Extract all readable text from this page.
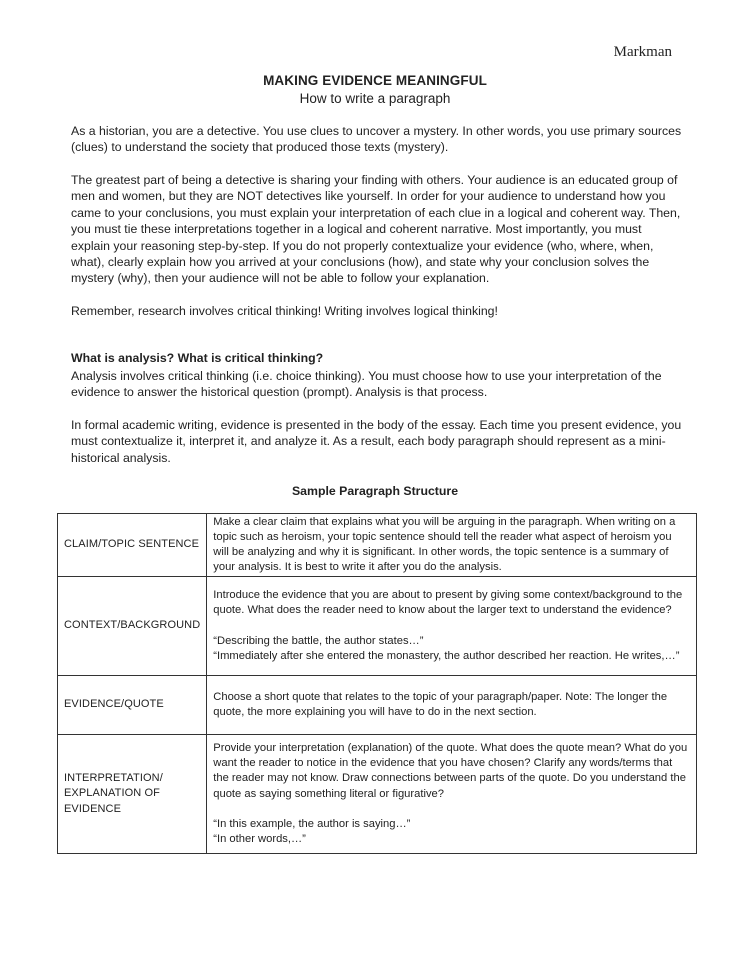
Markman
MAKING EVIDENCE MEANINGFUL
How to write a paragraph

As a historian, you are a detective. You use clues to uncover a mystery. In other words, you use primary sources (clues) to understand the society that produced those texts (mystery).

The greatest part of being a detective is sharing your finding with others. Your audience is an educated group of men and women, but they are NOT detectives like yourself. In order for your audience to understand how you came to your conclusions, you must explain your interpretation of each clue in a logical and coherent way. Then, you must tie these interpretations together in a logical and coherent narrative. Most importantly, you must explain your reasoning step-by-step. If you do not properly contextualize your evidence (who, where, when, what), clearly explain how you arrived at your conclusions (how), and state why your conclusion solves the mystery (why), then your audience will not be able to follow your explanation.

Remember, research involves critical thinking! Writing involves logical thinking!

What is analysis? What is critical thinking?

Analysis involves critical thinking (i.e. choice thinking). You must choose how to use your interpretation of the evidence to answer the historical question (prompt). Analysis is that process.

In formal academic writing, evidence is presented in the body of the essay. Each time you present evidence, you must contextualize it, interpret it, and analyze it. As a result, each body paragraph should represent as a mini-historical analysis.

Sample Paragraph Structure
CLAIM/TOPIC SENTENCE	Make a clear claim that explains what you will be arguing in the paragraph. When writing on a topic such as heroism, your topic sentence should tell the reader what aspect of heroism you will be analyzing and why it is significant. In other words, the topic sentence is a summary of your analysis. It is best to write it after you do the analysis.

CONTEXT/BACKGROUND	Introduce the evidence that you are about to present by giving some context/background to the quote. What does the reader need to know about the larger text to understand the evidence?
“Describing the battle, the author states…”
“Immediately after she entered the monastery, the author described her reaction. He writes,…”

EVIDENCE/QUOTE	Choose a short quote that relates to the topic of your paragraph/paper. Note: The longer the quote, the more explaining you will have to do in the next section.

INTERPRETATION/ EXPLANATION OF EVIDENCE	Provide your interpretation (explanation) of the quote. What does the quote mean? What do you want the reader to notice in the evidence that you have chosen? Clarify any words/terms that the reader may not know. Draw connections between parts of the quote. Do you understand the quote as saying something literal or figurative?
“In this example, the author is saying…”
“In other words,…”
